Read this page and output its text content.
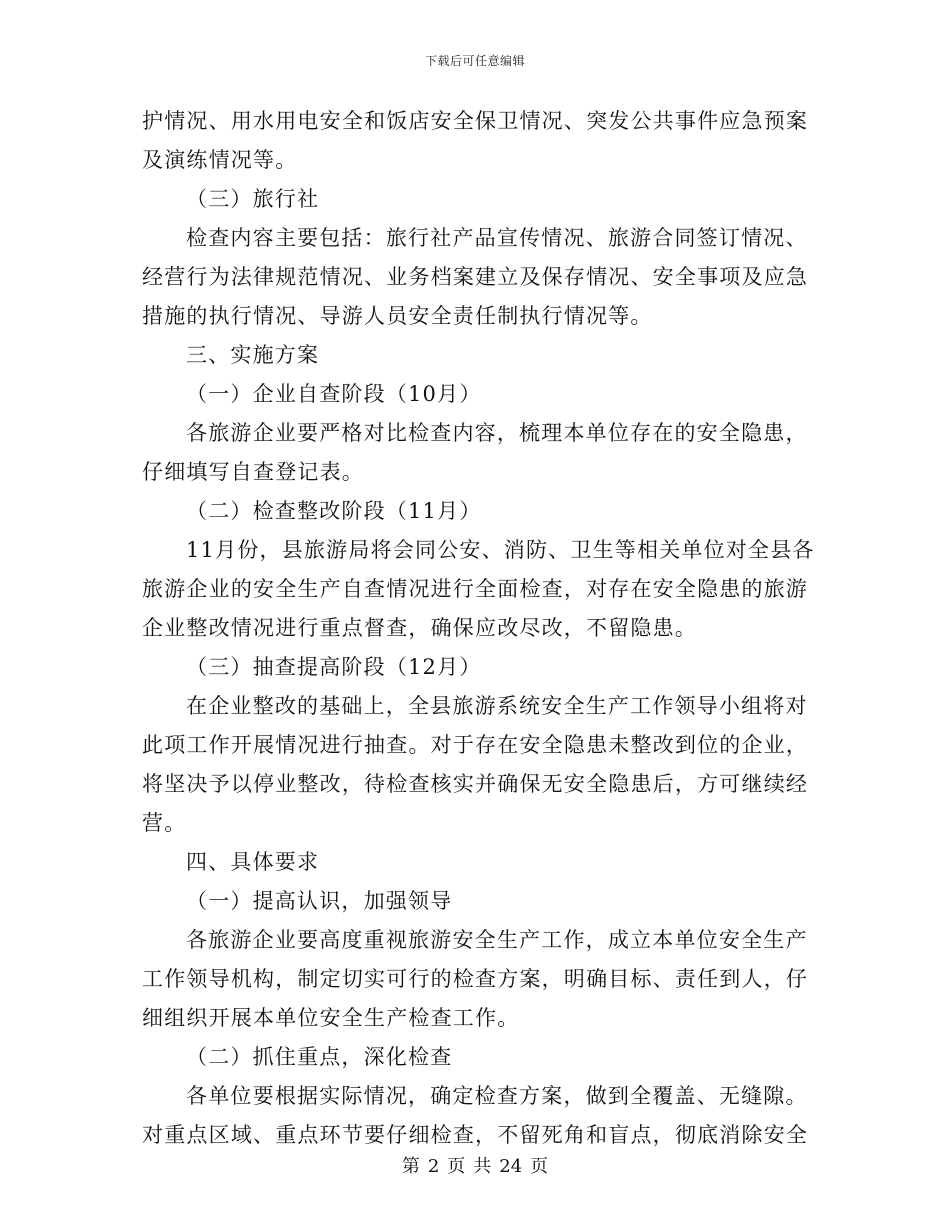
下载后可任意编辑
护 情 况 、 用 水 用 电 安 全 和 饭 店 安 全 保 卫 情 况 、 突 发 公 共 事 件 应 急 预 案
及演练情况等。
（三）旅行社
检 查 内 容 主 要 包 括 ： 旅 行 社 产 品 宣 传 情 况 、 旅 游 合 同 签 订 情 况 、
经 营 行 为 法 律 规 范 情 况 、 业 务 档 案 建 立 及 保 存 情 况 、 安 全 事 项 及 应 急
措施的执行情况、导游人员安全责任制执行情况等。
三、实施方案
（一）企业自查阶段（10月）
各 旅 游 企 业 要 严 格 对 比 检 查 内 容 ， 梳 理 本 单 位 存 在 的 安 全 隐 患 ，
仔细填写自查登记表。
（二）检查整改阶段（11月）
11 月 份 ， 县 旅 游 局 将 会 同 公 安 、 消 防 、 卫 生 等 相 关 单 位 对 全 县 各
旅 游 企 业 的 安 全 生 产 自 查 情 况 进 行 全 面 检 查 ， 对 存 在 安 全 隐 患 的 旅 游
企业整改情况进行重点督查，确保应改尽改，不留隐患。
（三）抽查提高阶段（12月）
在 企 业 整 改 的 基 础 上 ， 全 县 旅 游 系 统 安 全 生 产 工 作 领 导 小 组 将 对
此 项 工 作 开 展 情 况 进 行 抽 查 。 对 于 存 在 安 全 隐 患 未 整 改 到 位 的 企 业 ，
将 坚 决 予 以 停 业 整 改 ， 待 检 查 核 实 并 确 保 无 安 全 隐 患 后 ， 方 可 继 续 经
营。
四、具体要求
（一）提高认识，加强领导
各 旅 游 企 业 要 高 度 重 视 旅 游 安 全 生 产 工 作 ， 成 立 本 单 位 安 全 生 产
工 作 领 导 机 构 ， 制 定 切 实 可 行 的 检 查 方 案 ， 明 确 目 标 、 责 任 到 人 ， 仔
细组织开展本单位安全生产检查工作。
（二）抓住重点，深化检查
各 单 位 要 根 据 实 际 情 况 ， 确 定 检 查 方 案 ， 做 到 全 覆 盖 、 无 缝 隙 。
对 重 点 区 域 、 重 点 环 节 要 仔 细 检 查 ， 不 留 死 角 和 盲 点 ， 彻 底 消 除 安 全
第 2 页 共 24 页
